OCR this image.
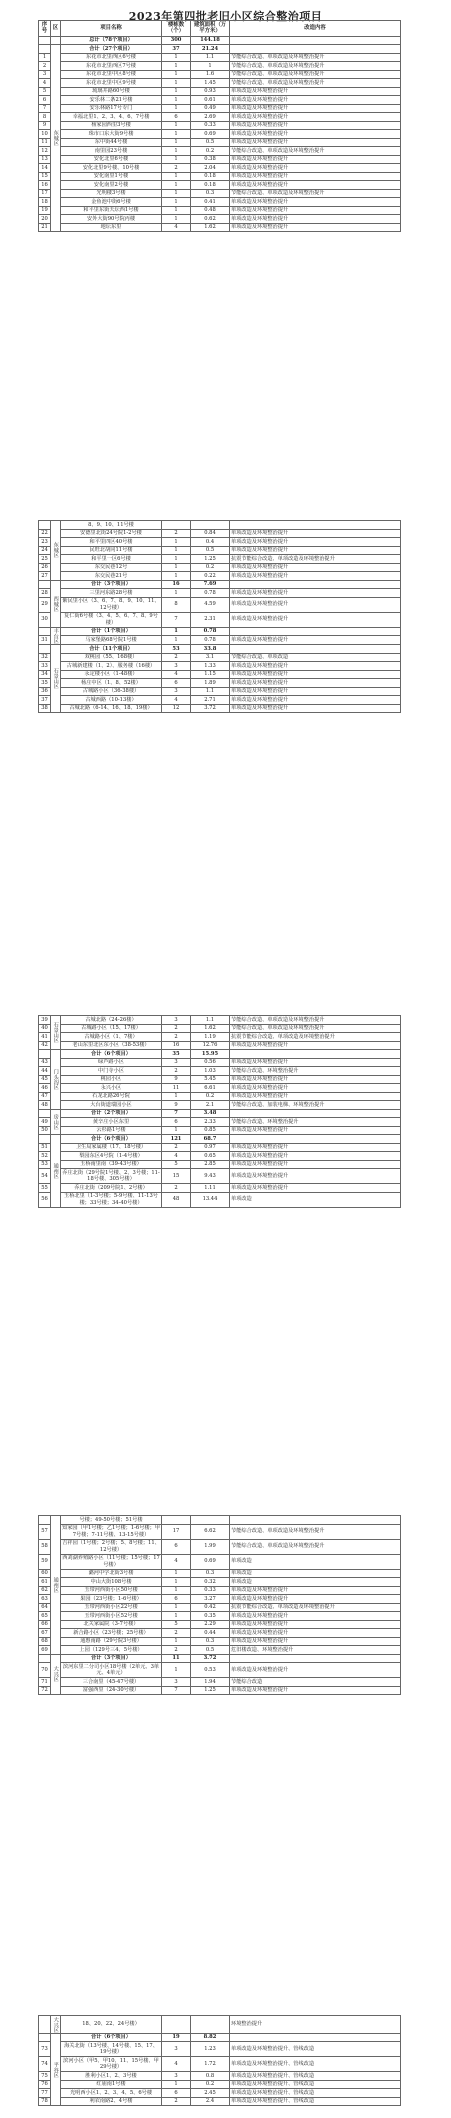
2023年第四批老旧小区综合整治项目
序号	区	项目名称	楼栋数（个）	建筑面积（万平方米）	改造内容
		总计（78个项目）	300	144.18	
	东城区	合计（27个项目）	37	21.24	
1		东花市北里西区6号楼	1	1.1	节能综合改造、单项改造及环境整治提升
2		东花市北里西区7号楼	1	1	节能综合改造、单项改造及环境整治提升
3		东花市北里中区8号楼	1	1.6	节能综合改造、单项改造及环境整治提升
4		东花市北里中区9号楼	1	1.45	节能综合改造、单项改造及环境整治提升
5		琉璃井路60号楼	1	0.93	单项改造及环境整治提升
6		安乐林二条21号楼	1	0.61	单项改造及环境整治提升
7		安乐林路17号专门	1	0.49	单项改造及环境整治提升
8		幸福北里1、2、3、4、6、7号楼	6	2.69	单项改造及环境整治提升
9		杨家园西里3号楼	1	0.33	单项改造及环境整治提升
10		珠市口东大街9号楼	1	0.69	单项改造及环境整治提升
11		东中街44号楼	1	0.5	单项改造及环境整治提升
12		南里园23号楼	1	0.2	节能综合改造、单项改造及环境整治提升
13		安化北里6号楼	1	0.38	单项改造及环境整治提升
14		安化北里9号楼、10号楼	2	2.04	单项改造及环境整治提升
15		安化南里1号楼	1	0.18	单项改造及环境整治提升
16		安化南里2号楼	1	0.18	单项改造及环境整治提升
17		光明楼3号楼	1	0.3	节能综合改造、单项改造及环境整治提升
18		金鱼池中街6号楼	1	0.41	单项改造及环境整治提升
19		和平里东街天坛西1号楼	1	0.48	单项改造及环境整治提升
20		安外大街90号院丙楼	1	0.62	单项改造及环境整治提升
21		地坛东里	4	1.62	单项改造及环境整治提升
	东城区	8、9、10、11号楼			
22		安德里北街24号院1-2号楼	2	0.84	单项改造及环境整治提升
23		和平里四区40号楼	1	0.4	单项改造及环境整治提升
24		民旺北胡同11号楼	1	0.5	单项改造及环境整治提升
25		和平里一区6号楼	1	1.25	抗震节能综合改造、单项改造及环境整治提升
26		东交民巷12号	1	0.2	单项改造及环境整治提升
27		东交民巷21号	1	0.22	单项改造及环境整治提升
	西城区	合计（3个项目）	16	7.69	
28		三里河东路28号楼	1	0.78	单项改造及环境整治提升
29		紫民里小区（3、6、7、8、9、10、11、12号楼）	8	4.59	单项改造及环境整治提升
30		复仁街6号楼（3、4、5、6、7、8、9号楼）	7	2.31	单项改造及环境整治提升
	丰台区	合计（1个项目）	1	0.78	
31		马家堡路68号院1号楼	1	0.78	单项改造及环境整治提升
	石景山区	合计（11个项目）	53	33.8	
32		双桃园（55、168楼）	2	3.1	节能综合改造、单项改造
33		古城新建楼（1、2）、服务楼（16楼）	3	1.33	单项改造及环境整治提升
34		永定楼小区（1-48楼）	4	1.15	单项改造及环境整治提升
35		杨庄中区（1、8、52楼）	6	1.89	单项改造及环境整治提升
36		古城路小区（36-38楼）	3	1.1	单项改造及环境整治提升
37		古城西路（10-13楼）	4	2.71	单项改造及环境整治提升
38		古城北路（6-14、16、18、19楼）	12	3.72	单项改造及环境整治提升
39	石景山区	古城北路（24-26楼）	3	1.1	节能综合改造、单项改造及环境整治提升
40		古城路小区（15、17楼）	2	1.62	节能综合改造、单项改造及环境整治提升
41		古城路小区（1、7楼）	2	1.19	抗震节能综合改造、单项改造及环境整治提升
42		老山东里北区东小区（38-53楼）	16	12.76	单项改造及环境整治提升
	门头沟区	合计（6个项目）	35	15.95	
43		绿芦路小区	3	0.56	单项改造及环境整治提升
44		中门寺小区	2	1.03	节能综合改造、环境整治提升
45		桃园小区	9	5.45	单项改造及环境整治提升
46		永兴小区	11	6.61	单项改造及环境整治提升
47		石龙北路26号院	1	0.2	单项改造及环境整治提升
48		大台街道瑞园小区	9	2.1	节能综合改造、加装电梯、环境整治提升
	房山区	合计（2个项目）	7	3.48	
49		黄辛庄小区东里	6	2.33	节能综合改造、环境整治提升
50		云杉路1号楼	1	0.85	单项改造及环境整治提升
	通州区	合计（6个项目）	121	68.7	
51		卫生局家属楼（17、18号楼）	2	0.97	单项改造及环境整治提升
52		梨园东区4号院（1-4号楼）	4	0.65	单项改造及环境整治提升
53		玉桥南里南（39-43号楼）	5	2.85	单项改造及环境整治提升
54		乔庄北街（29号院1号楼、2、3号楼；11-18号楼、305号楼）	15	9.43	单项改造及环境整治提升
55		乔庄北街（209号院1、2号楼）	2	1.11	单项改造及环境整治提升
56		玉桥北里（1-3号楼；5-9号楼、11-13号楼；33号楼；34-40号楼）	48	13.44	单项改造
	通州区	号楼；49-50号楼；51号楼			
57		知家园（甲1号楼；乙1号楼；1-6号楼；甲7号楼；7-11号楼、13-15号楼）	17	6.62	节能综合改造、单项改造及环境整治提升
58		吉祥园（1号楼；2号楼；5、8号楼；11、12号楼）	6	1.99	节能综合改造、单项改造及环境整治提升
59		西刘湖养殖路小区（11号楼；15号楼；17号楼）	4	0.69	单项改造
60		潞河中学北街3号楼	1	0.3	单项改造
61		中山大街108号楼	1	0.32	单项改造
62		玉带河西街小区50号楼	1	0.33	单项改造及环境整治提升
63		果园（23号楼；1-6号楼）	6	3.27	单项改造及环境整治提升
64		玉带河西街小区22号楼	1	0.42	抗震节能综合改造、单项改造及环境整治提升
65		玉带河西街小区52号楼	1	0.35	单项改造及环境整治提升
66		北关家属院（3-7号楼）	5	2.29	单项改造及环境整治提升
67		新合路小区（23号楼；25号楼）	2	0.44	单项改造及环境整治提升
68		通惠南路（29号院3号楼）	1	0.3	单项改造及环境整治提升
69		上园（129号三4、5号楼）	2	0.5	危旧楼改造、环境整治提升
	大兴区	合计（3个项目）	11	3.72	
70		滨河东里二分司小区18号楼（2单元、3单元、4单元）	1	0.53	单项改造及环境整治提升
71		三合南里（45-47号楼）	3	1.94	节能综合改造
72		富强西里（24-30号楼）	7	1.25	单项改造及环境整治提升
	大兴区	18、20、22、24号楼）			环境整治提升
	平谷区	合计（6个项目）	19	8.82	
73		海关北街（13号楼、14号楼、15、17、19号楼）	3	1.23	单项改造及环境整治提升、管线改造
74		滨河小区（甲5、甲10、11、15号楼、甲29号楼）	4	1.72	单项改造及环境整治提升、管线改造
75		胜利小区1、2、3号楼	3	0.8	单项改造及环境整治提升、管线改造
76		红庙南1号楼	1	0.2	单项改造及环境整治提升、管线改造
77		光明西小区1、2、3、4、5、6号楼	6	2.45	单项改造及环境整治提升、管线改造
78		利农南路2、4号楼	2	2.4	单项改造及环境整治提升、管线改造
